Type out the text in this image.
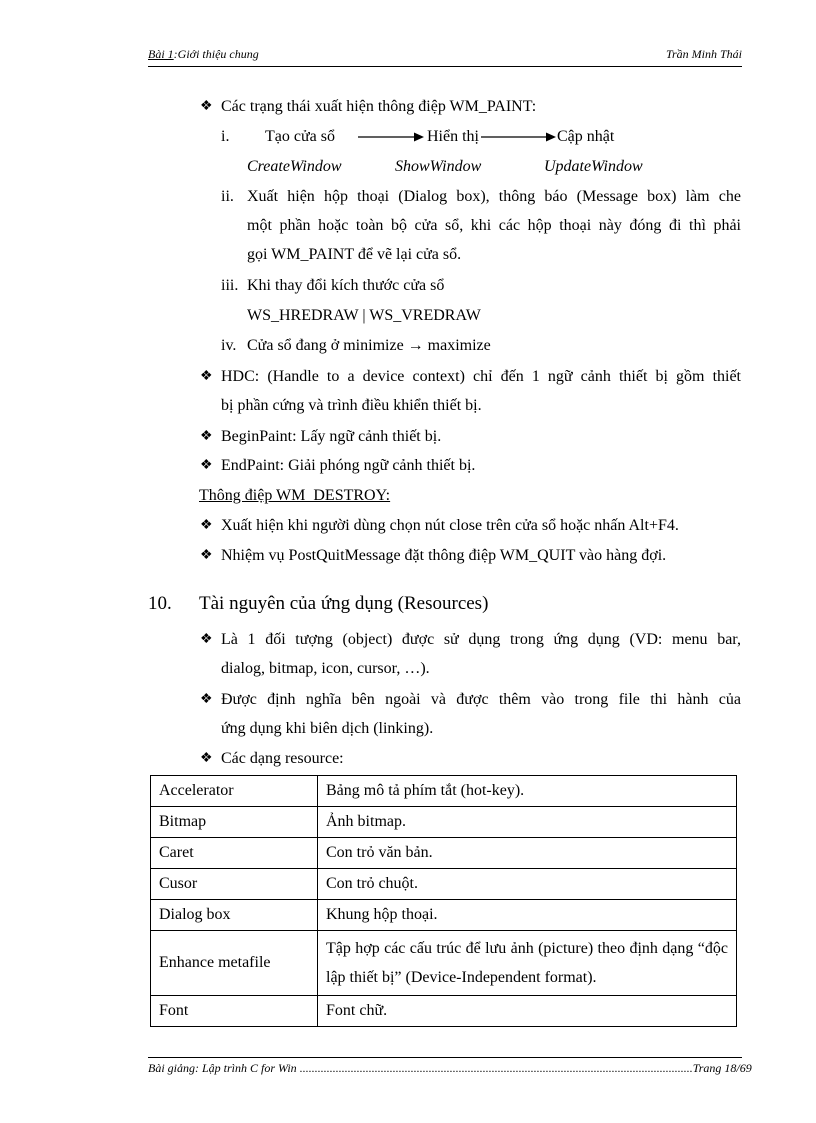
Bài 1:Giới thiệu chung	Trần Minh Thái
❖ Các trạng thái xuất hiện thông điệp WM_PAINT:
i. Tạo cửa sổ	Hiển thị	Cập nhật
CreateWindow	ShowWindow	UpdateWindow
ii. Xuất hiện hộp thoại (Dialog box), thông báo (Message box) làm che
một phần hoặc toàn bộ cửa sổ, khi các hộp thoại này đóng đi thì phải
gọi WM_PAINT để vẽ lại cửa sổ.
iii. Khi thay đổi kích thước cửa sổ
WS_HREDRAW | WS_VREDRAW
iv. Cửa sổ đang ở minimize → maximize
❖ HDC: (Handle to a device context) chỉ đến 1 ngữ cảnh thiết bị gồm thiết
bị phần cứng và trình điều khiển thiết bị.
❖ BeginPaint: Lấy ngữ cảnh thiết bị.
❖ EndPaint: Giải phóng ngữ cảnh thiết bị.
Thông điệp WM_DESTROY:
❖ Xuất hiện khi người dùng chọn nút close trên cửa sổ hoặc nhấn Alt+F4.
❖ Nhiệm vụ PostQuitMessage đặt thông điệp WM_QUIT vào hàng đợi.
10. Tài nguyên của ứng dụng (Resources)
❖ Là 1 đối tượng (object) được sử dụng trong ứng dụng (VD: menu bar,
dialog, bitmap, icon, cursor, …).
❖ Được định nghĩa bên ngoài và được thêm vào trong file thi hành của
ứng dụng khi biên dịch (linking).
❖ Các dạng resource:
Accelerator	Bảng mô tả phím tắt (hot-key).
Bitmap	Ảnh bitmap.
Caret	Con trỏ văn bản.
Cusor	Con trỏ chuột.
Dialog box	Khung hộp thoại.
Enhance metafile	Tập hợp các cấu trúc để lưu ảnh (picture) theo định dạng “độc lập thiết bị” (Device-Independent format).
Font	Font chữ.
Bài giảng: Lập trình C for Win ...................................................................................................................................Trang 18/69
